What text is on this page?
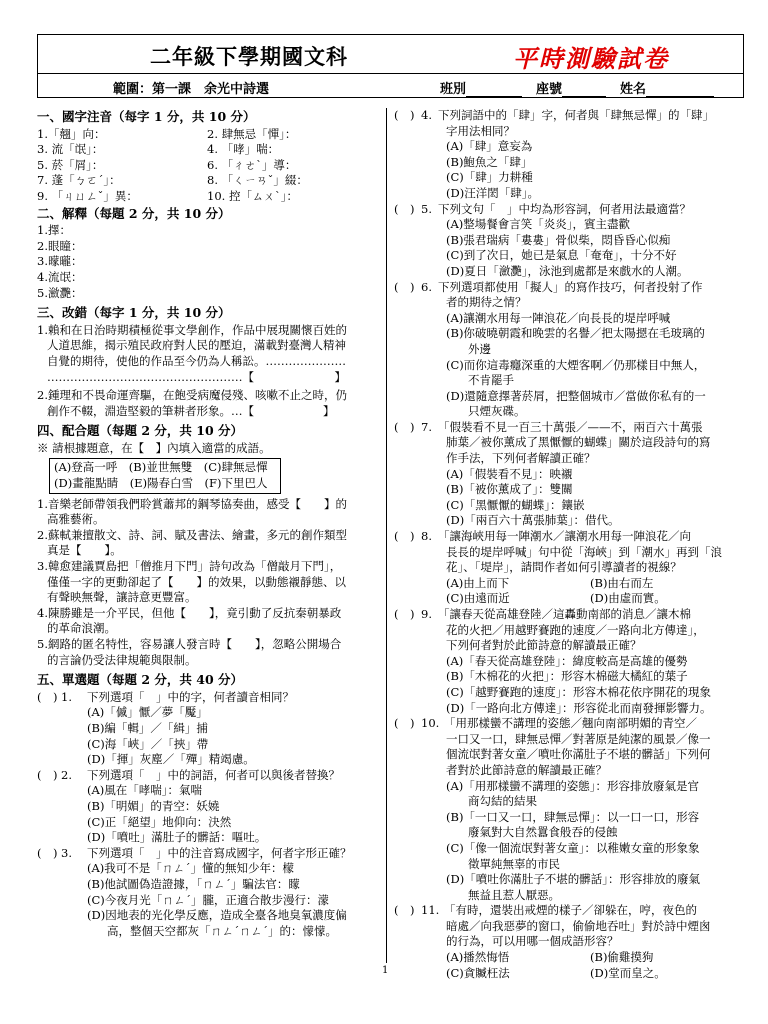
二年級下學期國文科	平時測驗試卷
範圍：第一課　余光中詩選	班別	座號	姓名
一、國字注音（每字 1 分，共 10 分）
1.「翹」向：	2. 肆無忌「憚」：
3. 流「氓」：	4. 「哮」喘：
5. 菸「屑」：	6. 「ㄔㄜˋ」導：
7. 蓬「ㄅㄛˊ」：	8. 「ㄑㄧㄢˇ」綴：
9. 「ㄐㄩㄥˇ」異：	10. 控「ㄙㄨˋ」：
二、解釋（每題 2 分，共 10 分）
1.擇：
2.眼瞳：
3.曚曨：
4.流氓：
5.瀲灧：
三、改錯（每字 1 分，共 10 分）
1.賴和在日治時期積極從事文學創作，作品中展現關懷百姓的
人道思維，揭示殖民政府對人民的壓迫，滿載對臺灣人精神
自覺的期待，使他的作品至今仍為人稱訟。…………………
……………………………………………【　　　　　　　】
2.鍾理和不畏命運齊驅，在飽受病魔侵殘、咳嗽不止之時，仍
創作不輟，淵造堅毅的筆耕者形象。…【　　　　　　】
四、配合題（每題 2 分，共 10 分）
※ 請根據題意，在【　】內填入適當的成語。
(A)登高一呼　(B)並世無雙　(C)肆無忌憚
(D)畫龍點睛　(E)陽春白雪　(F)下里巴人
1.音樂老師帶領我們聆賞蕭邦的鋼琴協奏曲，感受【　　】的
高雅藝術。
2.蘇軾兼擅散文、詩、詞、賦及書法、繪畫，多元的創作類型
真是【　　】。
3.韓愈建議賈島把「僧推月下門」詩句改為「僧敲月下門」，
僅僅一字的更動卻起了【　　】的效果，以動態襯靜態、以
有聲映無聲，讓詩意更豐富。
4.陳勝雖是一介平民，但他【　　】，竟引動了反抗秦朝暴政
的革命浪潮。
5.網路的匿名特性，容易讓人發言時【　　】，忽略公開場合
的言論仍受法律規範與限制。
五、單選題（每題 2 分，共 40 分）
(　) 1. 下列選項「　」中的字，何者讀音相同？
(A)「傶」懨／夢「魘」
(B)編「輯」／「緝」捕
(C)海「峽」／「挾」帶
(D)「揮」灰塵／「殫」精竭慮。
(　) 2. 下列選項「　」中的詞語，何者可以與後者替換？
(A)風在「哮喘」：氣喘
(B)「明媚」的青空：妖嬈
(C)正「絕望」地仰向：決然
(D)「噴吐」滿肚子的髒話：嘔吐。
(　) 3. 下列選項「　」中的注音寫成國字，何者字形正確？
(A)我可不是「ㄇㄥˊ」懂的無知少年：檬
(B)他試圖偽造證據，「ㄇㄥˊ」騙法官：矇
(C)今夜月光「ㄇㄥˊ」朧，正適合散步漫行：濛
(D)因地表的光化學反應，造成全臺各地臭氧濃度偏
高，整個天空都灰「ㄇㄥˊㄇㄥˊ」的：懞懞。
(　) 4. 下列詞語中的「肆」字，何者與「肆無忌憚」的「肆」
字用法相同？
(A)「肆」意妄為
(B)鮑魚之「肆」
(C)「肆」力耕種
(D)汪洋閎「肆」。
(　) 5. 下列文句「　」中均為形容詞，何者用法最適當？
(A)整場餐會言笑「炎炎」，賓主盡歡
(B)張君瑞病「婁婁」骨似柴，悶昏昏心似痴
(C)到了次日，她已是氣息「奄奄」，十分不好
(D)夏日「瀲灧」，泳池到處都是來戲水的人潮。
(　) 6. 下列選項都使用「擬人」的寫作技巧，何者投射了作
者的期待之情？
(A)讓潮水用每一陣浪花／向長長的堤岸呼喊
(B)你破曉朝霞和晚雲的名譽／把太陽摁在毛玻璃的
外邊
(C)而你這毒癮深重的大煙客啊／仍那樣目中無人，
不肯罷手
(D)還隨意擇著菸屑，把整個城市／當做你私有的一
只煙灰碟。
(　) 7. 「假裝看不見一百三十萬張／——不，兩百六十萬張
肺葉／被你薰成了黑懨懨的蝴蝶」關於這段詩句的寫
作手法，下列何者解讀正確？
(A)「假裝看不見」：映襯
(B)「被你薰成了」：雙關
(C)「黑懨懨的蝴蝶」：鑲嵌
(D)「兩百六十萬張肺葉」：借代。
(　) 8. 「讓海峽用每一陣潮水／讓潮水用每一陣浪花／向
長長的堤岸呼喊」句中從「海峽」到「潮水」再到「浪
花」、「堤岸」，請問作者如何引導讀者的視線？
(A)由上而下	(B)由右而左
(C)由遠而近	(D)由虛而實。
(　) 9. 「讓春天從高雄登陸／這轟動南部的消息／讓木棉
花的火把／用越野賽跑的速度／一路向北方傳達」，
下列何者對於此節詩意的解讀最正確？
(A)「春天從高雄登陸」：緯度較高是高雄的優勢
(B)「木棉花的火把」：形容木棉磁大橘紅的葉子
(C)「越野賽跑的速度」：形容木棉花依序開花的現象
(D)「一路向北方傳達」：形容從北而南發揮影響力。
(　) 10. 「用那樣蠻不講理的姿態／翹向南部明媚的青空／
一口又一口，肆無忌憚／對著原是純潔的風景／像一
個流氓對著女童／噴吐你滿肚子不堪的髒話」下列何
者對於此節詩意的解讀最正確？
(A)「用那樣蠻不講理的姿態」：形容排放廢氣是官
商勾結的結果
(B)「一口又一口，肆無忌憚」：以一口一口，形容
廢氣對大自然囂食般吞的侵蝕
(C)「像一個流氓對著女童」：以稚嫩女童的形象象
徵單純無辜的市民
(D)「噴吐你滿肚子不堪的髒話」：形容排放的廢氣
無益且惹人厭惡。
(　) 11. 「有時，還裝出戒煙的樣子／卻躲在，哼，夜色的
暗處／向我惡夢的窗口，偷偷地吞吐」對於詩中煙囪
的行為，可以用哪一個成語形容？
(A)播然悔悟	(B)偷雞摸狗
(C)貪贓枉法	(D)堂而皇之。
1
